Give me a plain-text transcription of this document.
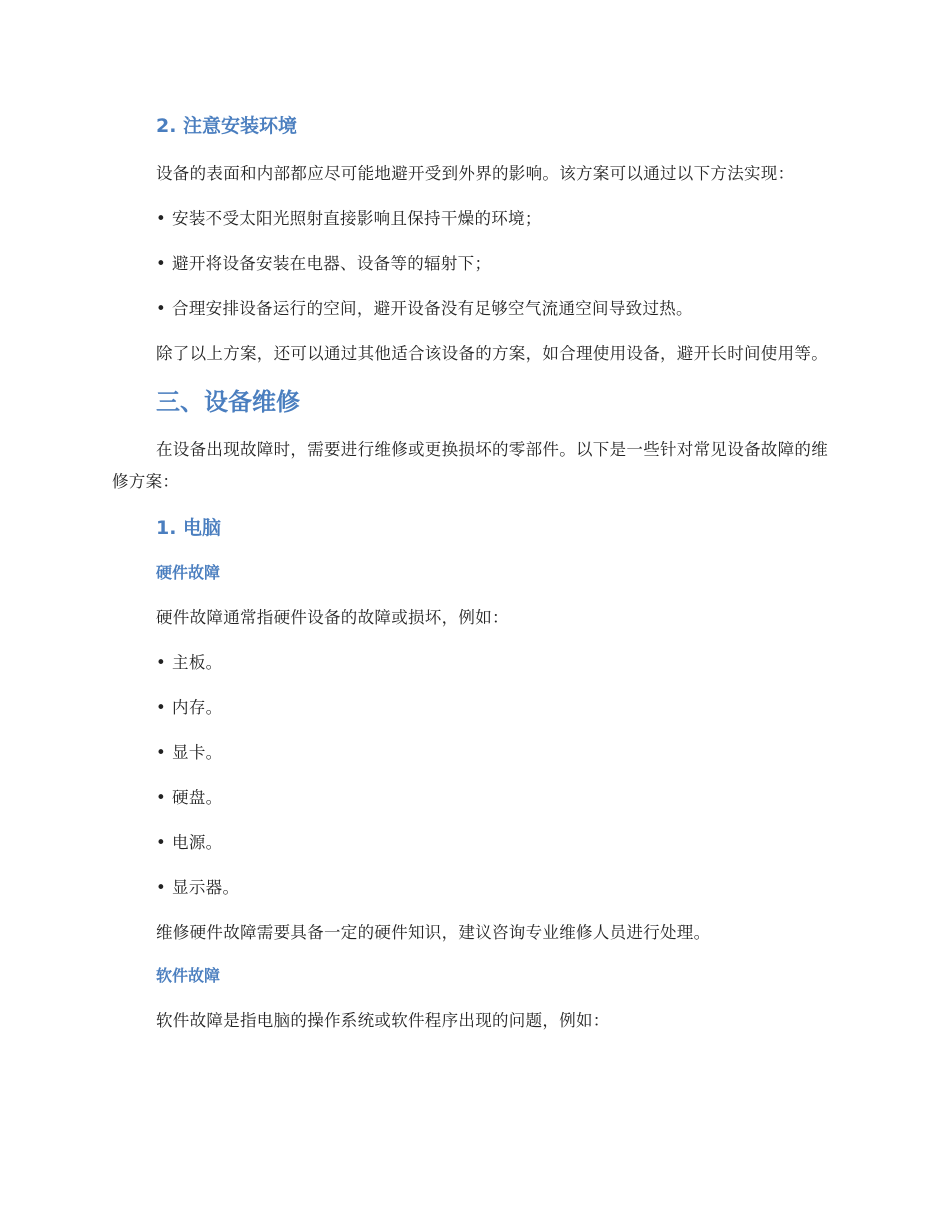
2. 注意安装环境

设备的表面和内部都应尽可能地避开受到外界的影响。该方案可以通过以下方法实现：

• 安装不受太阳光照射直接影响且保持干燥的环境；

• 避开将设备安装在电器、设备等的辐射下；

• 合理安排设备运行的空间，避开设备没有足够空气流通空间导致过热。

除了以上方案，还可以通过其他适合该设备的方案，如合理使用设备，避开长时间使用等。

三、设备维修

在设备出现故障时，需要进行维修或更换损坏的零部件。以下是一些针对常见设备故障的维修方案：

1. 电脑
硬件故障

硬件故障通常指硬件设备的故障或损坏，例如：

• 主板。

• 内存。

• 显卡。

• 硬盘。

• 电源。

• 显示器。

维修硬件故障需要具备一定的硬件知识，建议咨询专业维修人员进行处理。

软件故障

软件故障是指电脑的操作系统或软件程序出现的问题，例如：
